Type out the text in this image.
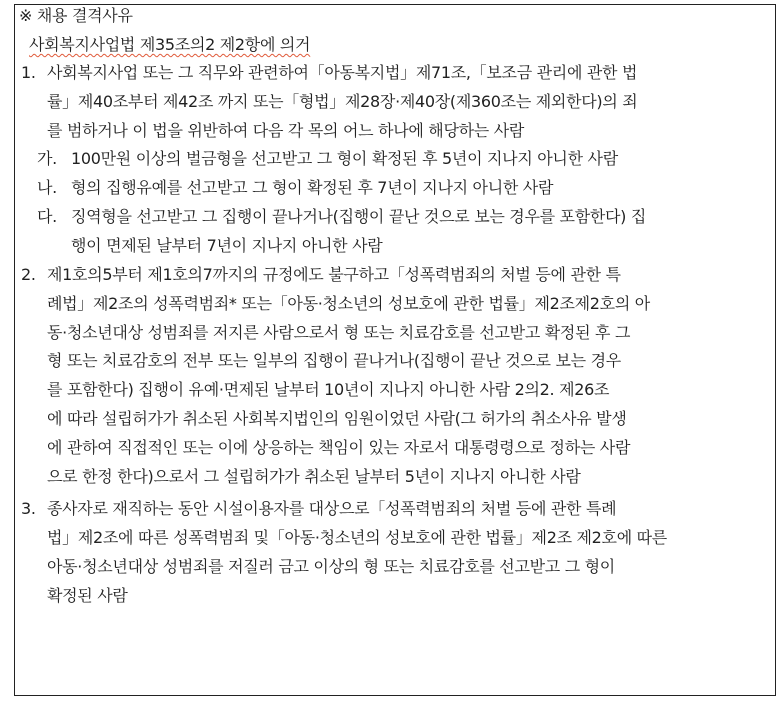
※ 채용 결격사유
사회복지사업법 제35조의2 제2항에 의거
1. 사회복지사업 또는 그 직무와 관련하여「아동복지법」제71조,「보조금 관리에 관한 법
률」제40조부터 제42조 까지 또는「형법」제28장·제40장(제360조는 제외한다)의 죄
를 범하거나 이 법을 위반하여 다음 각 목의 어느 하나에 해당하는 사람
가. 100만원 이상의 벌금형을 선고받고 그 형이 확정된 후 5년이 지나지 아니한 사람
나. 형의 집행유예를 선고받고 그 형이 확정된 후 7년이 지나지 아니한 사람
다. 징역형을 선고받고 그 집행이 끝나거나(집행이 끝난 것으로 보는 경우를 포함한다) 집
행이 면제된 날부터 7년이 지나지 아니한 사람
2. 제1호의5부터 제1호의7까지의 규정에도 불구하고「성폭력범죄의 처벌 등에 관한 특
례법」제2조의 성폭력범죄* 또는「아동·청소년의 성보호에 관한 법률」제2조제2호의 아
동·청소년대상 성범죄를 저지른 사람으로서 형 또는 치료감호를 선고받고 확정된 후 그
형 또는 치료감호의 전부 또는 일부의 집행이 끝나거나(집행이 끝난 것으로 보는 경우
를 포함한다) 집행이 유예·면제된 날부터 10년이 지나지 아니한 사람 2의2. 제26조
에 따라 설립허가가 취소된 사회복지법인의 임원이었던 사람(그 허가의 취소사유 발생
에 관하여 직접적인 또는 이에 상응하는 책임이 있는 자로서 대통령령으로 정하는 사람
으로 한정 한다)으로서 그 설립허가가 취소된 날부터 5년이 지나지 아니한 사람
3. 종사자로 재직하는 동안 시설이용자를 대상으로「성폭력범죄의 처벌 등에 관한 특례
법」제2조에 따른 성폭력범죄 및「아동·청소년의 성보호에 관한 법률」제2조 제2호에 따른
아동·청소년대상 성범죄를 저질러 금고 이상의 형 또는 치료감호를 선고받고 그 형이
확정된 사람
